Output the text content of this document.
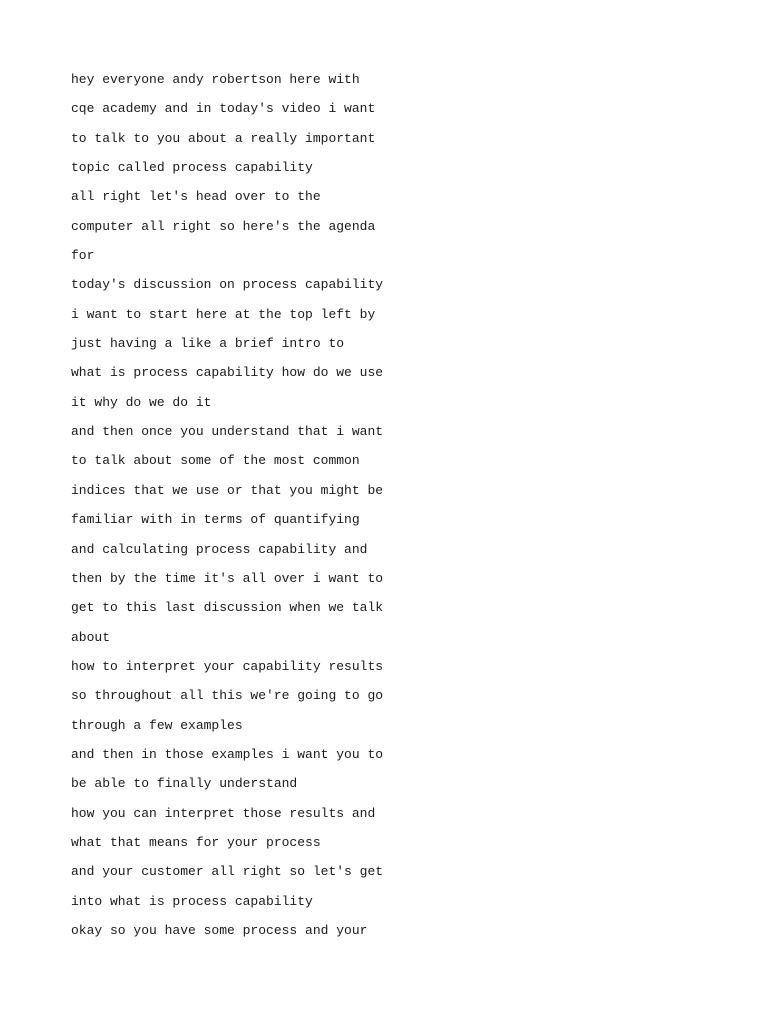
hey everyone andy robertson here with
cqe academy and in today's video i want
to talk to you about a really important
topic called process capability
all right let's head over to the
computer all right so here's the agenda
for
today's discussion on process capability
i want to start here at the top left by
just having a like a brief intro to
what is process capability how do we use
it why do we do it
and then once you understand that i want
to talk about some of the most common
indices that we use or that you might be
familiar with in terms of quantifying
and calculating process capability and
then by the time it's all over i want to
get to this last discussion when we talk
about
how to interpret your capability results
so throughout all this we're going to go
through a few examples
and then in those examples i want you to
be able to finally understand
how you can interpret those results and
what that means for your process
and your customer all right so let's get
into what is process capability
okay so you have some process and your
